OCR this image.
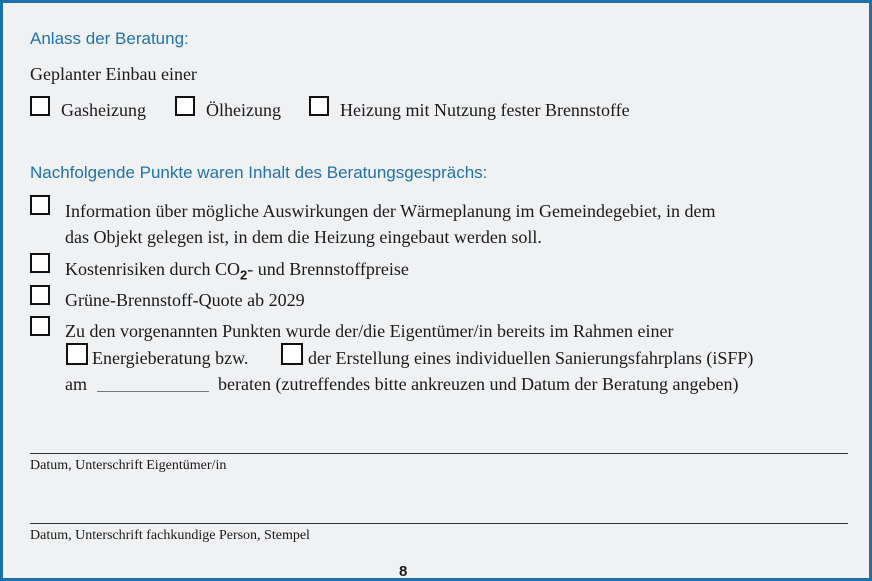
Anlass der Beratung:
Geplanter Einbau einer
Gasheizung	Ölheizung	Heizung mit Nutzung fester Brennstoffe
Nachfolgende Punkte waren Inhalt des Beratungsgesprächs:
Information über mögliche Auswirkungen der Wärmeplanung im Gemeindegebiet, in dem
das Objekt gelegen ist, in dem die Heizung eingebaut werden soll.
Kostenrisiken durch $CO_2-$ und Brennstoffpreise
Grüne-Brennstoff-Quote ab 2029
Zu den vorgenannten Punkten wurde der/die Eigentümer/in bereits im Rahmen einer
Energieberatung bzw.	der Erstellung eines individuellen Sanierungsfahrplans (iSFP)
am	beraten (zutreffendes bitte ankreuzen und Datum der Beratung angeben)
Datum, Unterschrift Eigentümer/in
Datum, Unterschrift fachkundige Person, Stempel
8
